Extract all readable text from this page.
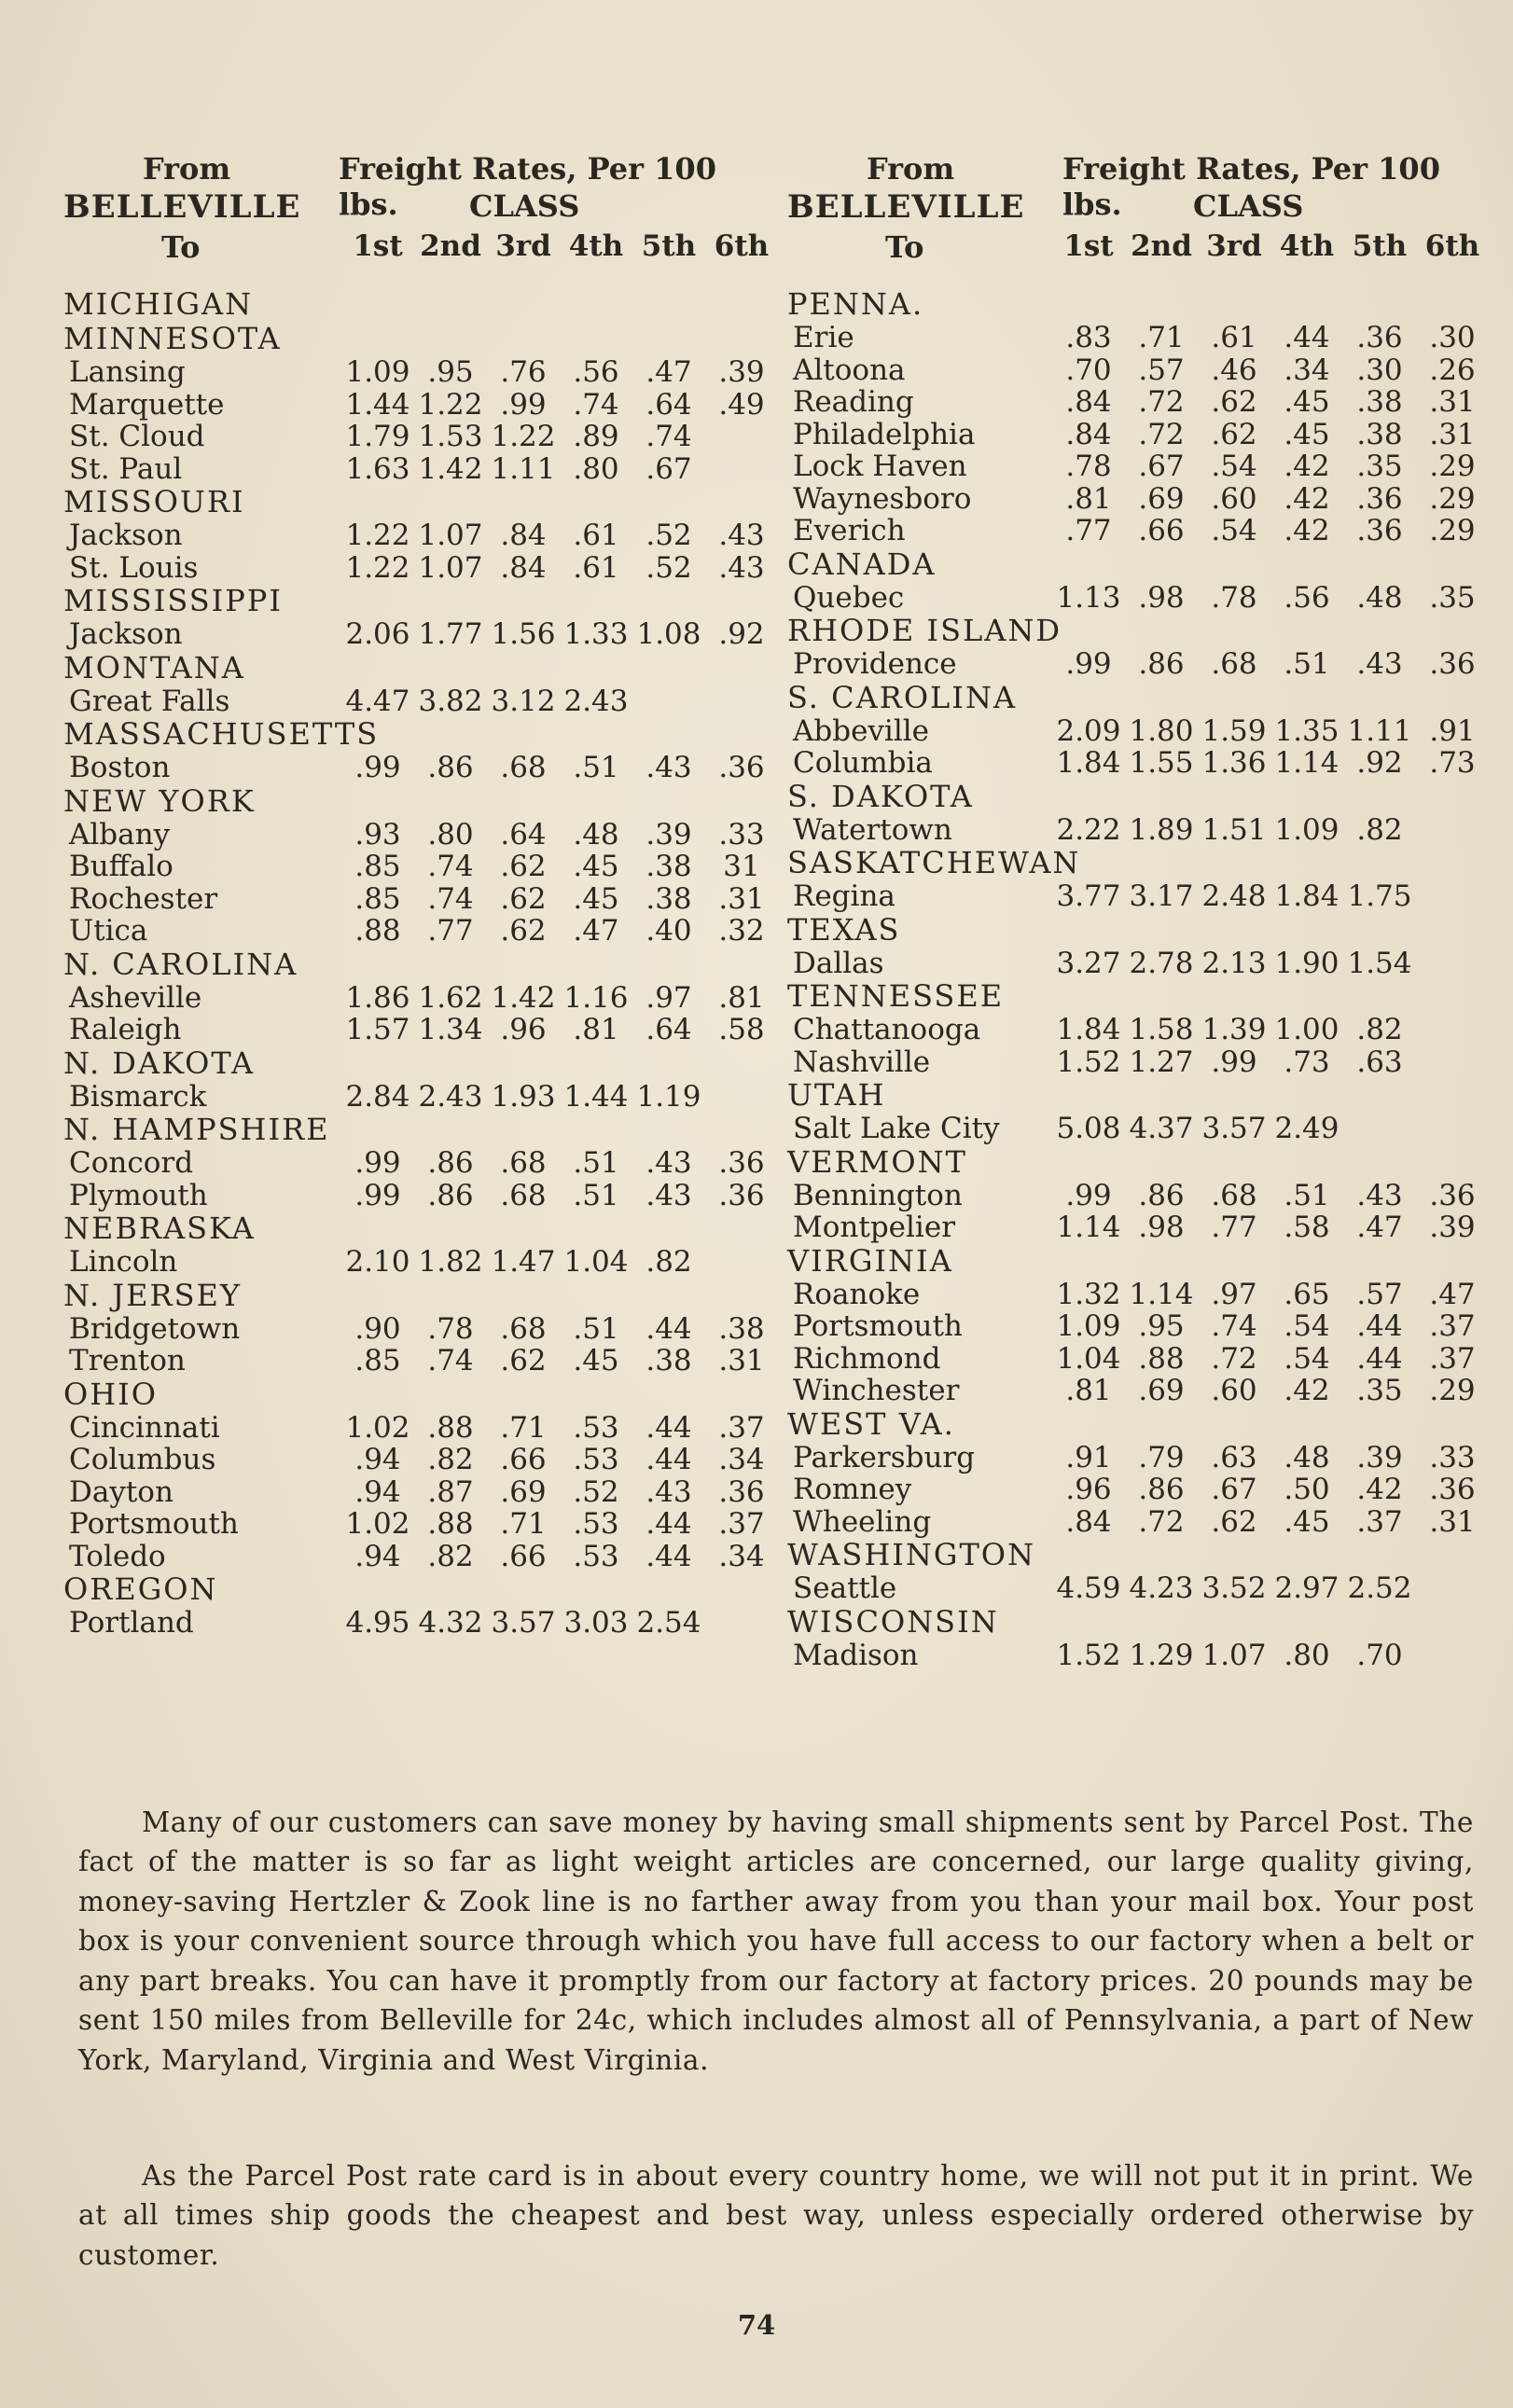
From
BELLEVILLE
To
Freight Rates, Per 100 lbs.	CLASS
1st 2nd 3rd 4th 5th 6th
MICHIGAN
MINNESOTA
Lansing	1.09 .95 .76 .56 .47 .39
Marquette	1.44 1.22 .99 .74 .64 .49
St. Cloud	1.79 1.53 1.22 .89 .74
St. Paul	1.63 1.42 1.11 .80 .67
MISSOURI
Jackson	1.22 1.07 .84 .61 .52 .43
St. Louis	1.22 1.07 .84 .61 .52 .43
MISSISSIPPI
Jackson	2.06 1.77 1.56 1.33 1.08 .92
MONTANA
Great Falls	4.47 3.82 3.12 2.43
MASSACHUSETTS
Boston	.99 .86 .68 .51 .43 .36
NEW YORK
Albany	.93 .80 .64 .48 .39 .33
Buffalo	.85 .74 .62 .45 .38	31
Rochester	.85 .74 .62 .45 .38 .31
Utica	.88 .77 .62 .47 .40 .32
N. CAROLINA
Asheville	1.86 1.62 1.42 1.16 .97 .81
Raleigh	1.57 1.34 .96 .81 .64 .58
N. DAKOTA
Bismarck	2.84 2.43 1.93 1.44 1.19
N. HAMPSHIRE
Concord	.99 .86 .68 .51 .43 .36
Plymouth	.99 .86 .68 .51 .43 .36
NEBRASKA
Lincoln	2.10 1.82 1.47 1.04 .82
N. JERSEY
Bridgetown	.90 .78 .68 .51 .44 .38
Trenton	.85 .74 .62 .45 .38 .31
OHIO
Cincinnati	1.02 .88 .71 .53 .44 .37
Columbus	.94 .82 .66 .53 .44 .34
Dayton	.94 .87 .69 .52 .43 .36
Portsmouth	1.02 .88 .71 .53 .44 .37
Toledo	.94 .82 .66 .53 .44 .34
OREGON
Portland	4.95 4.32 3.57 3.03 2.54
From
BELLEVILLE
To
Freight Rates, Per 100 lbs.	CLASS
1st 2nd 3rd 4th 5th 6th
PENNA.
Erie	.83 .71 .61 .44 .36 .30
Altoona	.70 .57 .46 .34 .30 .26
Reading	.84 .72 .62 .45 .38 .31
Philadelphia	.84 .72 .62 .45 .38 .31
Lock Haven	.78 .67 .54 .42 .35 .29
Waynesboro	.81 .69 .60 .42 .36 .29
Everich	.77 .66 .54 .42 .36 .29
CANADA
Quebec	1.13 .98 .78 .56 .48 .35
RHODE ISLAND
Providence	.99 .86 .68 .51 .43 .36
S. CAROLINA
Abbeville	2.09 1.80 1.59 1.35 1.11 .91
Columbia	1.84 1.55 1.36 1.14 .92 .73
S. DAKOTA
Watertown	2.22 1.89 1.51 1.09 .82
SASKATCHEWAN
Regina	3.77 3.17 2.48 1.84 1.75
TEXAS
Dallas	3.27 2.78 2.13 1.90 1.54
TENNESSEE
Chattanooga	1.84 1.58 1.39 1.00 .82
Nashville	1.52 1.27 .99 .73 .63
UTAH
Salt Lake City 5.08 4.37 3.57 2.49
VERMONT
Bennington	.99 .86 .68 .51 .43 .36
Montpelier	1.14 .98 .77 .58 .47 .39
VIRGINIA
Roanoke	1.32 1.14 .97 .65 .57 .47
Portsmouth	1.09 .95 .74 .54 .44 .37
Richmond	1.04 .88 .72 .54 .44 .37
Winchester	.81 .69 .60 .42 .35 .29
WEST VA.
Parkersburg	.91 .79 .63 .48 .39 .33
Romney	.96 .86 .67 .50 .42 .36
Wheeling	.84 .72 .62 .45 .37 .31
WASHINGTON
Seattle	4.59 4.23 3.52 2.97 2.52
WISCONSIN
Madison	1.52 1.29 1.07 .80 .70

Many of our customers can save money by having small shipments sent by Parcel Post. The fact of the matter is so far as light weight articles are concerned, our large quality giving, money-saving Hertzler & Zook line is no farther away from you than your mail box. Your post box is your convenient source through which you have full access to our factory when a belt or any part breaks. You can have it promptly from our factory at factory prices. 20 pounds may be sent 150 miles from Belleville for 24c, which includes almost all of Pennsylvania, a part of New York, Maryland, Virginia and West Virginia.

As the Parcel Post rate card is in about every country home, we will not put it in print. We at all times ship goods the cheapest and best way, unless especially ordered otherwise by customer.

74
